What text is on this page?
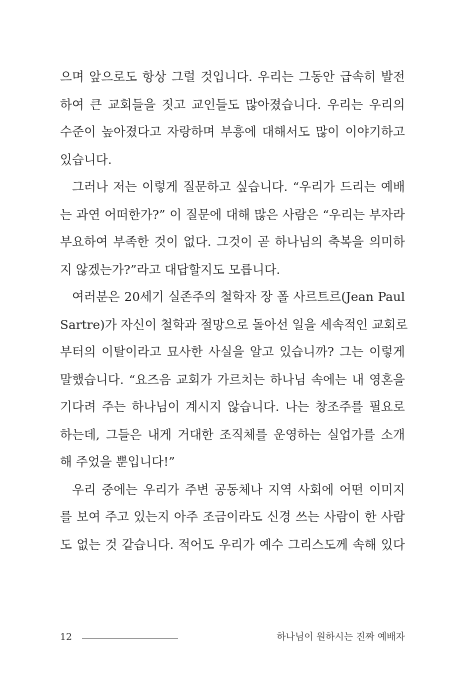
으며 앞으로도 항상 그럴 것입니다. 우리는 그동안 급속히 발전
하여 큰 교회들을 짓고 교인들도 많아졌습니다. 우리는 우리의
수준이 높아졌다고 자랑하며 부흥에 대해서도 많이 이야기하고
있습니다.
그러나 저는 이렇게 질문하고 싶습니다. “우리가 드리는 예배
는 과연 어떠한가?” 이 질문에 대해 많은 사람은 “우리는 부자라
부요하여 부족한 것이 없다. 그것이 곧 하나님의 축복을 의미하
지 않겠는가?”라고 대답할지도 모릅니다.
여러분은 20세기 실존주의 철학자 장 폴 사르트르(Jean Paul
Sartre)가 자신이 철학과 절망으로 돌아선 일을 세속적인 교회로
부터의 이탈이라고 묘사한 사실을 알고 있습니까? 그는 이렇게
말했습니다. “요즈음 교회가 가르치는 하나님 속에는 내 영혼을
기다려 주는 하나님이 계시지 않습니다. 나는 창조주를 필요로
하는데, 그들은 내게 거대한 조직체를 운영하는 실업가를 소개
해 주었을 뿐입니다!”
우리 중에는 우리가 주변 공동체나 지역 사회에 어떤 이미지
를 보여 주고 있는지 아주 조금이라도 신경 쓰는 사람이 한 사람
도 없는 것 같습니다. 적어도 우리가 예수 그리스도께 속해 있다
12	하나님이 원하시는 진짜 예배자
